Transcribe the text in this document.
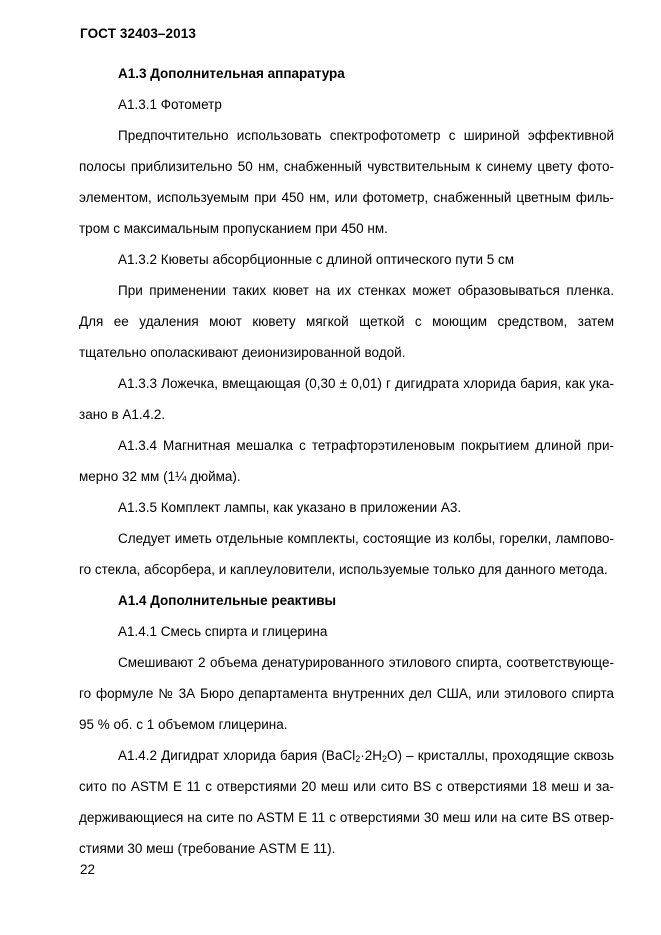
ГОСТ 32403–2013

А1.3 Дополнительная аппаратура

А1.3.1 Фотометр

Предпочтительно использовать спектрофотометр с шириной эффективной полосы приблизительно 50 нм, снабженный чувствительным к синему цвету фотоэлементом, используемым при 450 нм, или фотометр, снабженный цветным фильтром с максимальным пропусканием при 450 нм.

А1.3.2 Кюветы абсорбционные с длиной оптического пути 5 см

При применении таких кювет на их стенках может образовываться пленка. Для ее удаления моют кювету мягкой щеткой с моющим средством, затем тщательно ополаскивают деионизированной водой.

А1.3.3 Ложечка, вмещающая (0,30 ± 0,01) г дигидрата хлорида бария, как указано в А1.4.2.

А1.3.4 Магнитная мешалка с тетрафторэтиленовым покрытием длиной примерно 32 мм (1¼ дюйма).

А1.3.5 Комплект лампы, как указано в приложении А3.

Следует иметь отдельные комплекты, состоящие из колбы, горелки, лампового стекла, абсорбера, и каплеуловители, используемые только для данного метода.

А1.4 Дополнительные реактивы

А1.4.1 Смесь спирта и глицерина

Смешивают 2 объема денатурированного этилового спирта, соответствующего формуле № 3А Бюро департамента внутренних дел США, или этилового спирта 95 % об. с 1 объемом глицерина.

А1.4.2 Дигидрат хлорида бария $(BaCl_2\cdot 2H_2O)$ – кристаллы, проходящие сквозь сито по ASTM E 11 с отверстиями 20 меш или сито BS с отверстиями 18 меш и задерживающиеся на сите по ASTM E 11 с отверстиями 30 меш или на сите BS отверстиями 30 меш (требование ASTM E 11).

22
